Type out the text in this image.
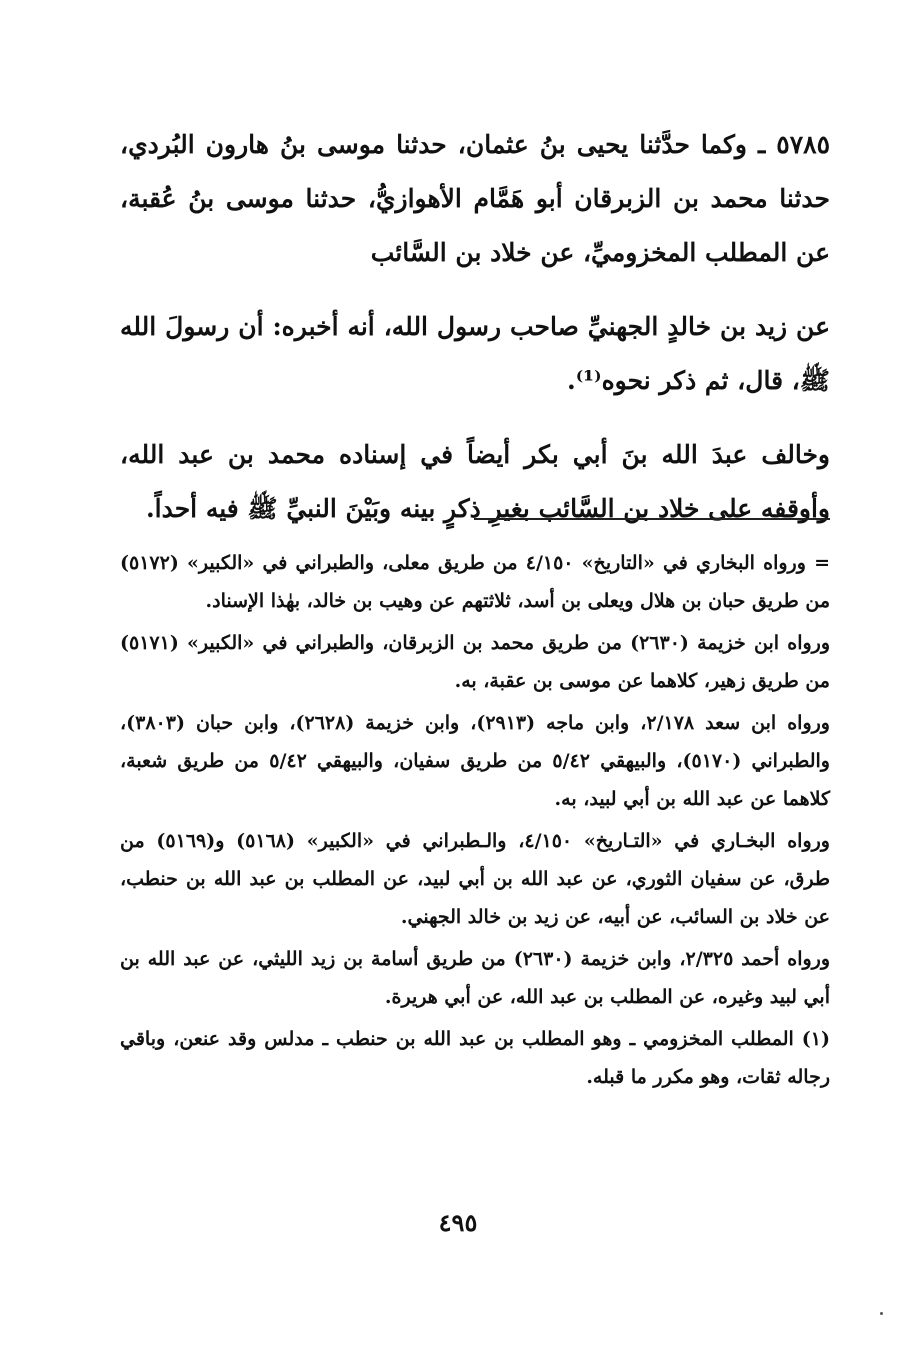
٥٧٨٥ ـ وكما حدَّثنا يحيى بنُ عثمان، حدثنا موسى بنُ هارون البُردي، حدثنا محمد بن الزبرقان أبو هَمَّام الأهوازيُّ، حدثنا موسى بنُ عُقبة، عن المطلب المخزوميِّ، عن خلاد بن السَّائب

عن زيد بن خالدٍ الجهنيِّ صاحب رسول الله، أنه أخبره: أن رسولَ الله ﷺ، قال، ثم ذكر نحوه⁽¹⁾.

وخالف عبدَ الله بنَ أبي بكر أيضاً في إسناده محمد بن عبد الله، وأوقفه على خلاد بن السَّائب بغيرِ ذكرٍ بينه وبَيْنَ النبيِّ ﷺ فيه أحداً.

= ورواه البخاري في «التاريخ» ٤/١٥٠ من طريق معلى، والطبراني في «الكبير» (٥١٧٢) من طريق حبان بن هلال ويعلى بن أسد، ثلاثتهم عن وهيب بن خالد، بهٰذا الإسناد.

ورواه ابن خزيمة (٢٦٣٠) من طريق محمد بن الزبرقان، والطبراني في «الكبير» (٥١٧١) من طريق زهير، كلاهما عن موسى بن عقبة، به.

ورواه ابن سعد ٢/١٧٨، وابن ماجه (٢٩١٣)، وابن خزيمة (٢٦٢٨)، وابن حبان (٣٨٠٣)، والطبراني (٥١٧٠)، والبيهقي ٥/٤٢ من طريق سفيان، والبيهقي ٥/٤٢ من طريق شعبة، كلاهما عن عبد الله بن أبي لبيد، به.

ورواه البخـاري في «التـاريخ» ٤/١٥٠، والـطبراني في «الكبير» (٥١٦٨) و(٥١٦٩) من طرق، عن سفيان الثوري، عن عبد الله بن أبي لبيد، عن المطلب بن عبد الله بن حنطب، عن خلاد بن السائب، عن أبيه، عن زيد بن خالد الجهني.

ورواه أحمد ٢/٣٢٥، وابن خزيمة (٢٦٣٠) من طريق أسامة بن زيد الليثي، عن عبد الله بن أبي لبيد وغيره، عن المطلب بن عبد الله، عن أبي هريرة.

(١) المطلب المخزومي ـ وهو المطلب بن عبد الله بن حنطب ـ مدلس وقد عنعن، وباقي رجاله ثقات، وهو مكرر ما قبله.

٤٩٥
